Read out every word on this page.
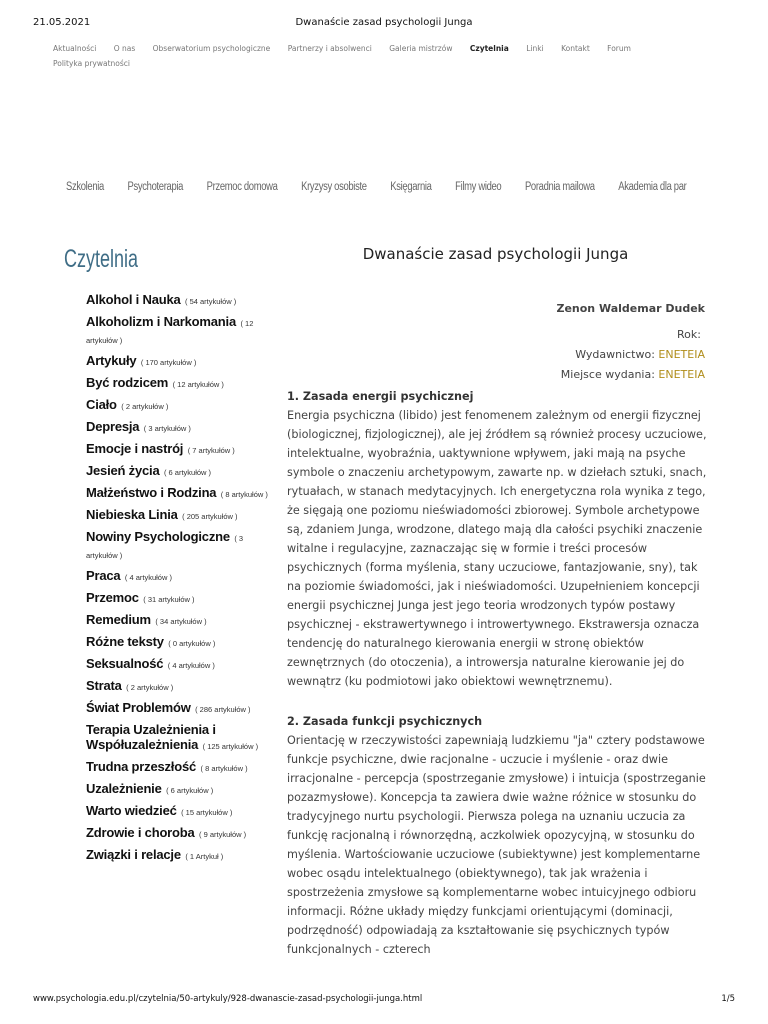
21.05.2021	Dwanaście zasad psychologii Junga
Aktualności O nas Obserwatorium psychologiczne Partnerzy i absolwenci Galeria mistrzów Czytelnia Linki Kontakt Forum Polityka prywatności
Szkolenia Psychoterapia Przemoc domowa Kryzysy osobiste Księgarnia Filmy wideo Poradnia mailowa Akademia dla par
Czytelnia
Alkohol i Nauka ( 54 artykułów )
Alkoholizm i Narkomania ( 12 artykułów )
Artykuły ( 170 artykułów )
Być rodzicem ( 12 artykułów )
Ciało ( 2 artykułów )
Depresja ( 3 artykułów )
Emocje i nastrój ( 7 artykułów )
Jesień życia ( 6 artykułów )
Małżeństwo i Rodzina ( 8 artykułów )
Niebieska Linia ( 205 artykułów )
Nowiny Psychologiczne ( 3 artykułów )
Praca ( 4 artykułów )
Przemoc ( 31 artykułów )
Remedium ( 34 artykułów )
Różne teksty ( 0 artykułów )
Seksualność ( 4 artykułów )
Strata ( 2 artykułów )
Świat Problemów ( 286 artykułów )
Terapia Uzależnienia i Współuzależnienia ( 125 artykułów )
Trudna przeszłość ( 8 artykułów )
Uzależnienie ( 6 artykułów )
Warto wiedzieć ( 15 artykułów )
Zdrowie i choroba ( 9 artykułów )
Związki i relacje ( 1 Artykuł )
Dwanaście zasad psychologii Junga
Zenon Waldemar Dudek
Rok:
Wydawnictwo: ENETEIA
Miejsce wydania: ENETEIA
1. Zasada energii psychicznej

Energia psychiczna (libido) jest fenomenem zależnym od energii fizycznej (biologicznej, fizjologicznej), ale jej źródłem są również procesy uczuciowe, intelektualne, wyobraźnia, uaktywnione wpływem, jaki mają na psyche symbole o znaczeniu archetypowym, zawarte np. w dziełach sztuki, snach, rytuałach, w stanach medytacyjnych. Ich energetyczna rola wynika z tego, że sięgają one poziomu nieświadomości zbiorowej. Symbole archetypowe są, zdaniem Junga, wrodzone, dlatego mają dla całości psychiki znaczenie witalne i regulacyjne, zaznaczając się w formie i treści procesów psychicznych (forma myślenia, stany uczuciowe, fantazjowanie, sny), tak na poziomie świadomości, jak i nieświadomości. Uzupełnieniem koncepcji energii psychicznej Junga jest jego teoria wrodzonych typów postawy psychicznej - ekstrawertywnego i introwertywnego. Ekstrawersja oznacza tendencję do naturalnego kierowania energii w stronę obiektów zewnętrznych (do otoczenia), a introwersja naturalne kierowanie jej do wewnątrz (ku podmiotowi jako obiektowi wewnętrznemu).

2. Zasada funkcji psychicznych

Orientację w rzeczywistości zapewniają ludzkiemu "ja" cztery podstawowe funkcje psychiczne, dwie racjonalne - uczucie i myślenie - oraz dwie irracjonalne - percepcja (spostrzeganie zmysłowe) i intuicja (spostrzeganie pozazmysłowe). Koncepcja ta zawiera dwie ważne różnice w stosunku do tradycyjnego nurtu psychologii. Pierwsza polega na uznaniu uczucia za funkcję racjonalną i równorzędną, aczkolwiek opozycyjną, w stosunku do myślenia. Wartościowanie uczuciowe (subiektywne) jest komplementarne wobec osądu intelektualnego (obiektywnego), tak jak wrażenia i spostrzeżenia zmysłowe są komplementarne wobec intuicyjnego odbioru informacji. Różne układy między funkcjami orientującymi (dominacji, podrzędność) odpowiadają za kształtowanie się psychicznych typów funkcjonalnych - czterech

www.psychologia.edu.pl/czytelnia/50-artykuly/928-dwanascie-zasad-psychologii-junga.html	1/5
